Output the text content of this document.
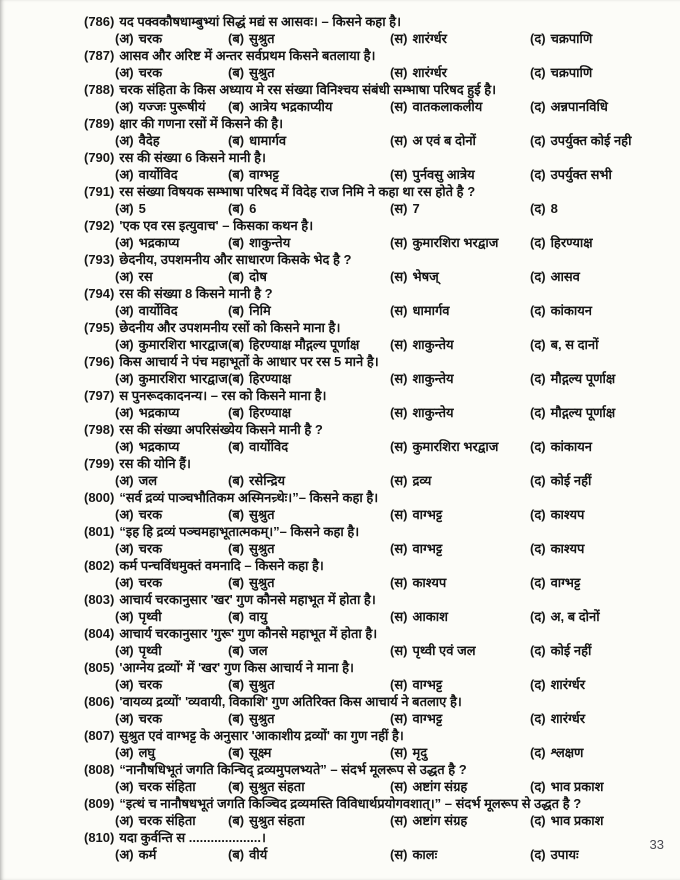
(786) यद पक्वकौषधाम्बुभ्यां सिद्धं मद्यं स आसवः। – किसने कहा है।
(अ) चरक	(ब) सुश्रुत	(स) शारंर्ग्धर	(द) चक्रपाणि
(787) आसव और अरिष्ट में अन्तर सर्वप्रथम किसने बतलाया है।
(अ) चरक	(ब) सुश्रुत	(स) शारंर्ग्धर	(द) चक्रपाणि
(788) चरक संहिता के किस अध्याय मे रस संख्या विनिश्चय संबंधी सम्भाषा परिषद हुई है।
(अ) यज्जः पुरूषीयं	(ब) आत्रेय भद्रकाप्यीय	(स) वातकलाकलीय	(द) अन्नपानविधि
(789) क्षार की गणना रसों में किसने की है।
(अ) वैदेह	(ब) धामार्गव	(स) अ एवं ब दोनों	(द) उपर्युक्त कोई नही
(790) रस की संख्या 6 किसने मानी है।
(अ) वार्योविद	(ब) वाग्भट्ट	(स) पुर्नवसु आत्रेय	(द) उपर्युक्त सभी
(791) रस संख्या विषयक सम्भाषा परिषद में विदेह राज निमि ने कहा था रस होते है ?
(अ) 5	(ब) 6	(स) 7	(द) 8
(792) 'एक एव रस इत्युवाच' – किसका कथन है।
(अ) भद्रकाप्य	(ब) शाकुन्तेय	(स) कुमारशिरा भरद्वाज	(द) हिरण्याक्ष
(793) छेदनीय, उपशमनीय और साधारण किसके भेद है ?
(अ) रस	(ब) दोष	(स) भेषज्	(द) आसव
(794) रस की संख्या 8 किसने मानी है ?
(अ) वार्योविद	(ब) निमि	(स) धामार्गव	(द) कांकायन
(795) छेदनीय और उपशमनीय रसों को किसने माना है।
(अ) कुमारशिरा भारद्वाज (ब) हिरण्याक्ष मौद्गल्य पूर्णाक्ष	(स) शाकुन्तेय	(द) ब, स दानों
(796) किस आचार्य ने पंच महाभूतों के आधार पर रस 5 माने है।
(अ) कुमारशिरा भारद्वाज (ब) हिरण्याक्ष	(स) शाकुन्तेय	(द) मौद्गल्य पूर्णाक्ष
(797) स पुनरूदकादनन्य। – रस को किसने माना है।
(अ) भद्रकाप्य	(ब) हिरण्याक्ष	(स) शाकुन्तेय	(द) मौद्गल्य पूर्णाक्ष
(798) रस की संख्या अपरिसंख्येय किसने मानी है ?
(अ) भद्रकाप्य	(ब) वार्योविद	(स) कुमारशिरा भरद्वाज	(द) कांकायन
(799) रस की योनि हैं।
(अ) जल	(ब) रसेन्द्रिय	(स) द्रव्य	(द) कोई नहीं
(800) “सर्व द्रव्यं पाञ्चभौतिकम अस्मिनन्र्थेः।”– किसने कहा है।
(अ) चरक	(ब) सुश्रुत	(स) वाग्भट्ट	(द) काश्यप
(801) “इह हि द्रव्यं पञ्चमहाभूतात्मकम्।”– किसने कहा है।
(अ) चरक	(ब) सुश्रुत	(स) वाग्भट्ट	(द) काश्यप
(802) कर्म पन्चविंधमुक्तं वमनादि – किसने कहा है।
(अ) चरक	(ब) सुश्रुत	(स) काश्यप	(द) वाग्भट्ट
(803) आचार्य चरकानुसार 'खर' गुण कौनसे महाभूत में होता है।
(अ) पृथ्वी	(ब) वायु	(स) आकाश	(द) अ, ब दोनों
(804) आचार्य चरकानुसार 'गुरू' गुण कौनसे महाभूत में होता है।
(अ) पृथ्वी	(ब) जल	(स) पृथ्वी एवं जल	(द) कोई नहीं
(805) 'आग्नेय द्रव्यों' में 'खर' गुण किस आचार्य ने माना है।
(अ) चरक	(ब) सुश्रुत	(स) वाग्भट्ट	(द) शारंर्ग्धर
(806) 'वायव्य द्रव्यों' 'व्यवायी, विकाशि' गुण अतिरिक्त किस आचार्य ने बतलाए है।
(अ) चरक	(ब) सुश्रुत	(स) वाग्भट्ट	(द) शारंर्ग्धर
(807) सुश्रुत एवं वाग्भट्ट के अनुसार 'आकाशीय द्रव्यों' का गुण नहीं है।
(अ) लघु	(ब) सूक्ष्म	(स) मृदु	(द) श्लक्षण
(808) “नानौषधिभूतं जगति किन्चिद् द्रव्यमुपलभ्यते” – संदर्भ मूलरूप से उद्धत है ?
(अ) चरक संहिता	(ब) सुश्रुत संहता	(स) अष्टांग संग्रह	(द) भाव प्रकाश
(809) “इत्थं च नानौषधभूतं जगति किञ्चिद द्रव्यमस्ति विविधार्थप्रयोगवशात्।” – संदर्भ मूलरूप से उद्धत है ?
(अ) चरक संहिता	(ब) सुश्रुत संहता	(स) अष्टांग संग्रह	(द) भाव प्रकाश
(810) यदा कुर्वन्ति स ....................।
(अ) कर्म	(ब) वीर्य	(स) कालः	(द) उपायः
33
